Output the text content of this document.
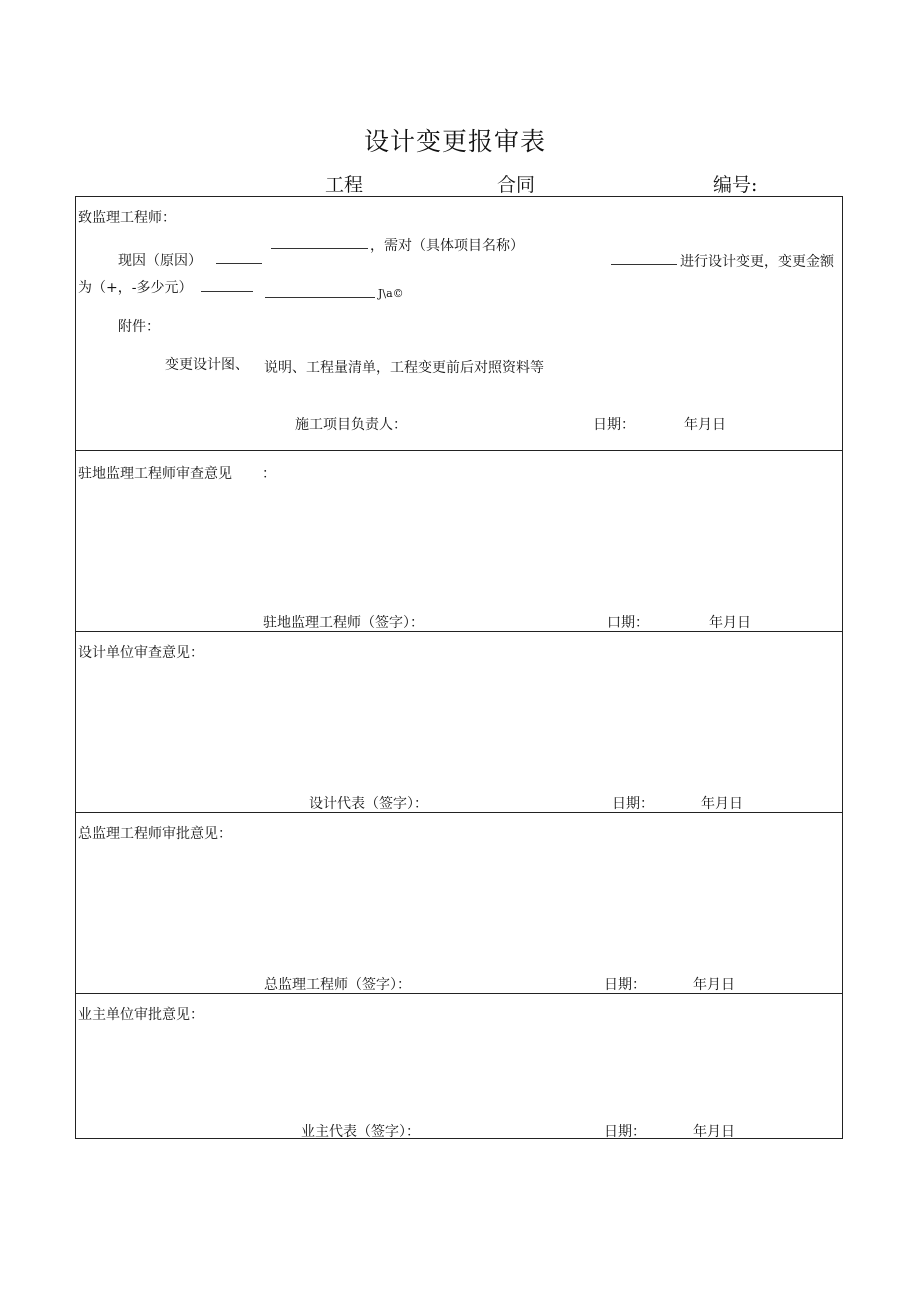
设计变更报审表
工程	合同	编号:
致监理工程师：
现因（原因）
，需对（具体项目名称）
进行设计变更，变更金额
为（+，-多少元）	J\a©
附件：
变更设计图、 说明、工程量清单，工程变更前后对照资料等
施工项目负责人：	日期：	年月日
驻地监理工程师审查意见 ：
驻地监理工程师（签字）：	口期：	年月日
设计单位审查意见：
设计代表（签字）：	日期：	年月日
总监理工程师审批意见：
总监理工程师（签字）：	日期：	年月日
业主单位审批意见：
业主代表（签字）：	日期：	年月日
